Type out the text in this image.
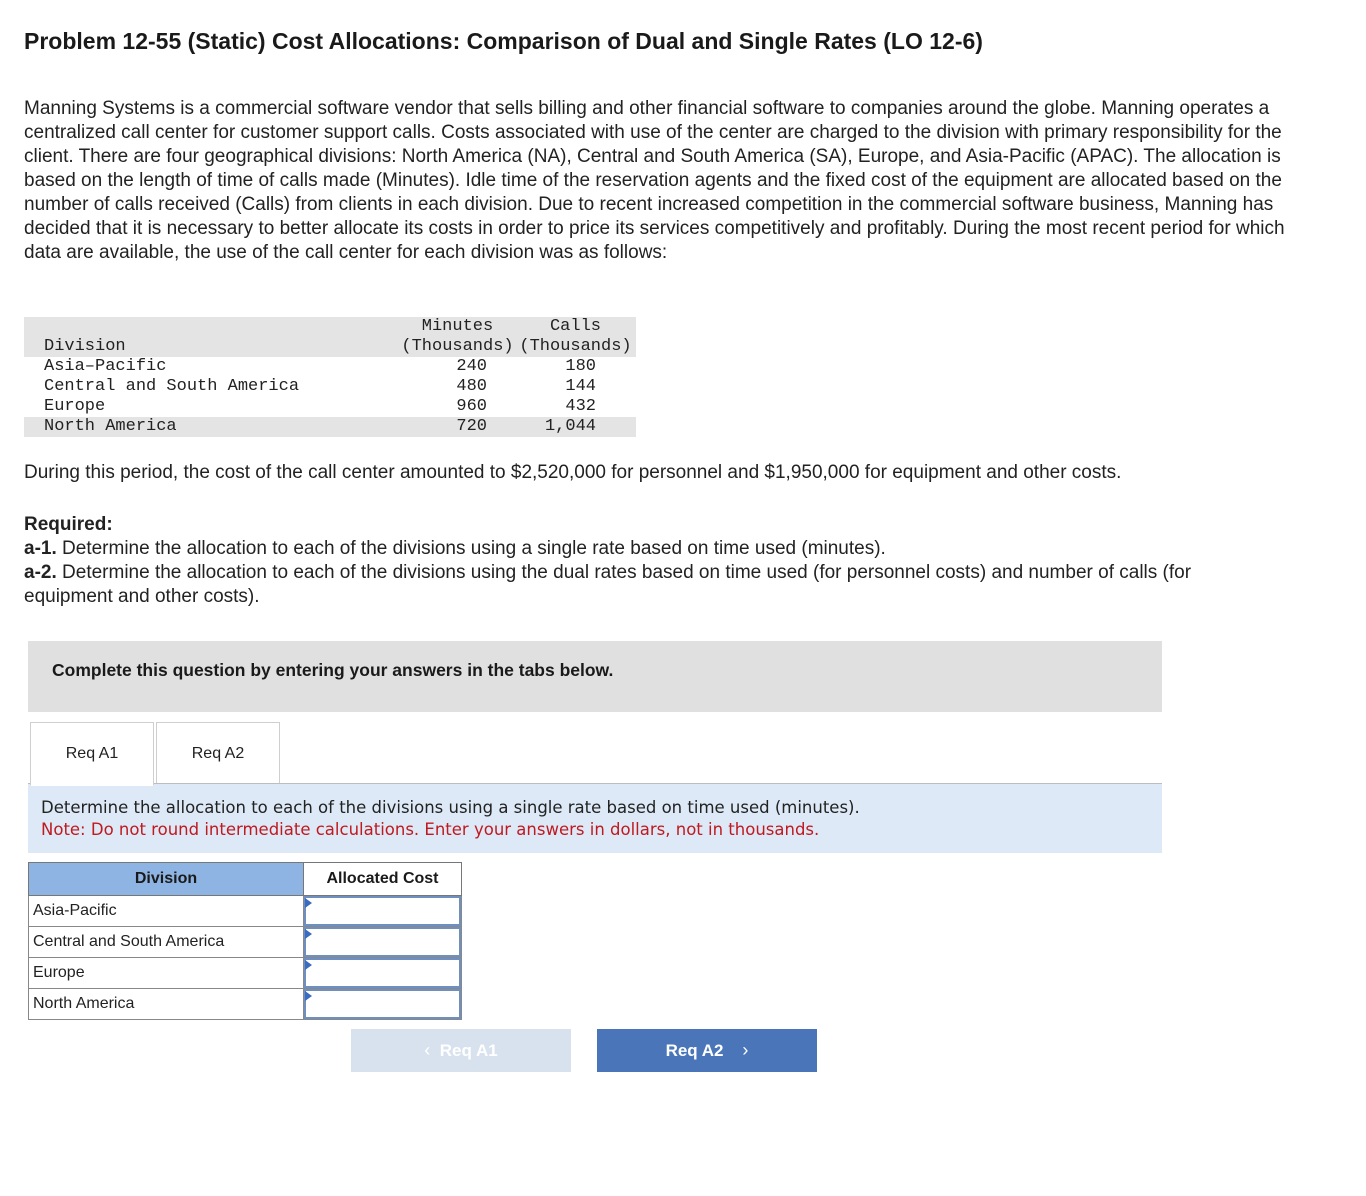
Problem 12-55 (Static) Cost Allocations: Comparison of Dual and Single Rates (LO 12-6)

Manning Systems is a commercial software vendor that sells billing and other financial software to companies around the globe. Manning operates a centralized call center for customer support calls. Costs associated with use of the center are charged to the division with primary responsibility for the client. There are four geographical divisions: North America (NA), Central and South America (SA), Europe, and Asia-Pacific (APAC). The allocation is based on the length of time of calls made (Minutes). Idle time of the reservation agents and the fixed cost of the equipment are allocated based on the number of calls received (Calls) from clients in each division. Due to recent increased competition in the commercial software business, Manning has decided that it is necessary to better allocate its costs in order to price its services competitively and profitably. During the most recent period for which data are available, the use of the call center for each division was as follows:

	Minutes	Calls
Division	(Thousands)	(Thousands)
Asia–Pacific	240	180
Central and South America	480	144
Europe	960	432
North America	720	1,044

During this period, the cost of the call center amounted to $2,520,000 for personnel and $1,950,000 for equipment and other costs.

Required:
a-1. Determine the allocation to each of the divisions using a single rate based on time used (minutes).
a-2. Determine the allocation to each of the divisions using the dual rates based on time used (for personnel costs) and number of calls (for equipment and other costs).
Complete this question by entering your answers in the tabs below.
Req A1	Req A2
Determine the allocation to each of the divisions using a single rate based on time used (minutes).
Note: Do not round intermediate calculations. Enter your answers in dollars, not in thousands.
Division	Allocated Cost
Asia-Pacific	

Central and South America	

Europe	

North America	
‹ Req A1	Req A2 ›
